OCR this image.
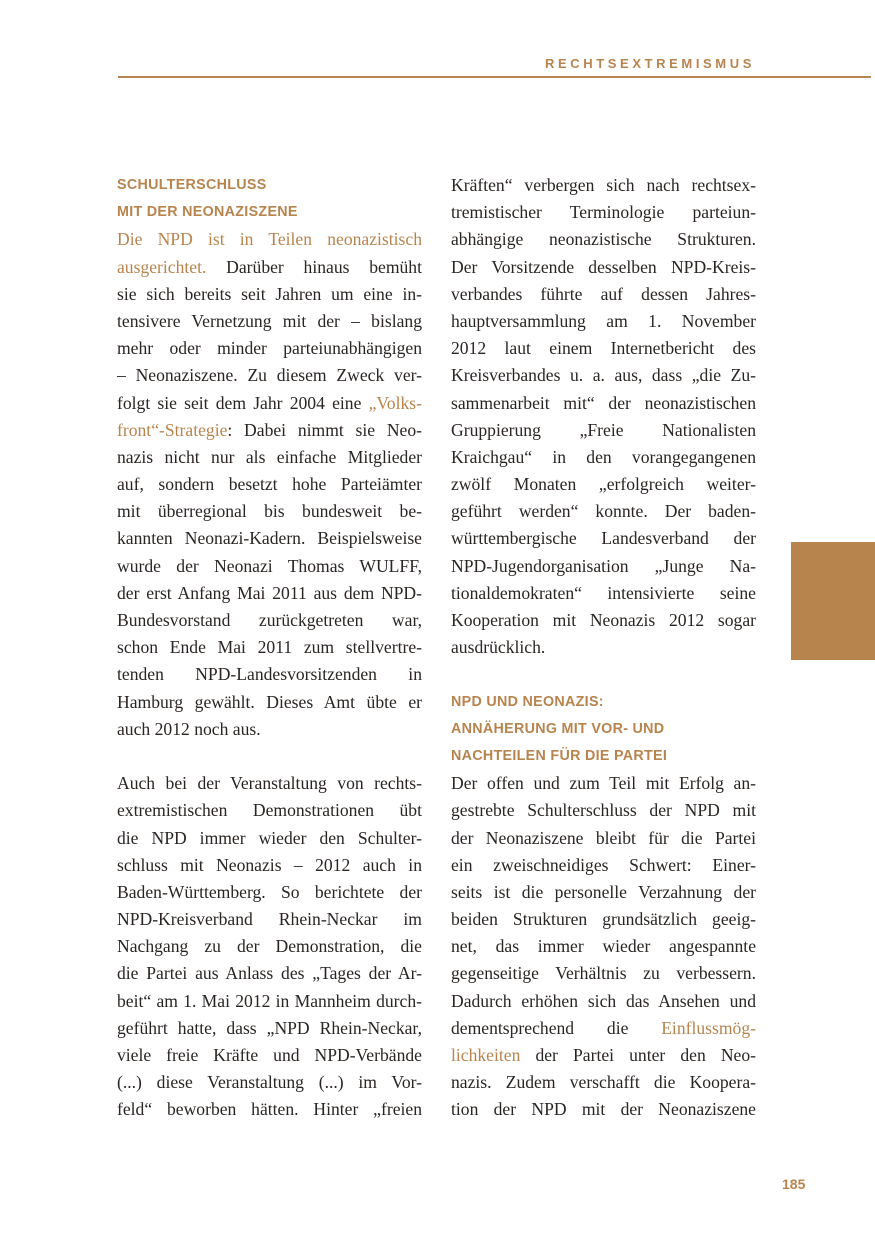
RECHTSEXTREMISMUS
SCHULTERSCHLUSS
MIT DER NEONAZISZENE
Die NPD ist in Teilen neonazistisch
ausgerichtet. Darüber hinaus bemüht
sie sich bereits seit Jahren um eine in-
tensivere Vernetzung mit der – bislang
mehr oder minder parteiunabhängigen
– Neonaziszene. Zu diesem Zweck ver-
folgt sie seit dem Jahr 2004 eine „Volks-
front“-Strategie: Dabei nimmt sie Neo-
nazis nicht nur als einfache Mitglieder
auf, sondern besetzt hohe Parteiämter
mit überregional bis bundesweit be-
kannten Neonazi-Kadern. Beispielsweise
wurde der Neonazi Thomas WULFF,
der erst Anfang Mai 2011 aus dem NPD-
Bundesvorstand zurückgetreten war,
schon Ende Mai 2011 zum stellvertre-
tenden NPD-Landesvorsitzenden in
Hamburg gewählt. Dieses Amt übte er
auch 2012 noch aus.
Auch bei der Veranstaltung von rechts-
extremistischen Demonstrationen übt
die NPD immer wieder den Schulter-
schluss mit Neonazis – 2012 auch in
Baden-Württemberg. So berichtete der
NPD-Kreisverband Rhein-Neckar im
Nachgang zu der Demonstration, die
die Partei aus Anlass des „Tages der Ar-
beit“ am 1. Mai 2012 in Mannheim durch-
geführt hatte, dass „NPD Rhein-Neckar,
viele freie Kräfte und NPD-Verbände
(...) diese Veranstaltung (...) im Vor-
feld“ beworben hätten. Hinter „freien
Kräften“ verbergen sich nach rechtsex-
tremistischer Terminologie parteiun-
abhängige neonazistische Strukturen.
Der Vorsitzende desselben NPD-Kreis-
verbandes führte auf dessen Jahres-
hauptversammlung am 1. November
2012 laut einem Internetbericht des
Kreisverbandes u. a. aus, dass „die Zu-
sammenarbeit mit“ der neonazistischen
Gruppierung „Freie Nationalisten
Kraichgau“ in den vorangegangenen
zwölf Monaten „erfolgreich weiter-
geführt werden“ konnte. Der baden-
württembergische Landesverband der
NPD-Jugendorganisation „Junge Na-
tionaldemokraten“ intensivierte seine
Kooperation mit Neonazis 2012 sogar
ausdrücklich.
NPD UND NEONAZIS:
ANNÄHERUNG MIT VOR- UND
NACHTEILEN FÜR DIE PARTEI
Der offen und zum Teil mit Erfolg an-
gestrebte Schulterschluss der NPD mit
der Neonaziszene bleibt für die Partei
ein zweischneidiges Schwert: Einer-
seits ist die personelle Verzahnung der
beiden Strukturen grundsätzlich geeig-
net, das immer wieder angespannte
gegenseitige Verhältnis zu verbessern.
Dadurch erhöhen sich das Ansehen und
dementsprechend die Einflussmög-
lichkeiten der Partei unter den Neo-
nazis. Zudem verschafft die Koopera-
tion der NPD mit der Neonaziszene
185
